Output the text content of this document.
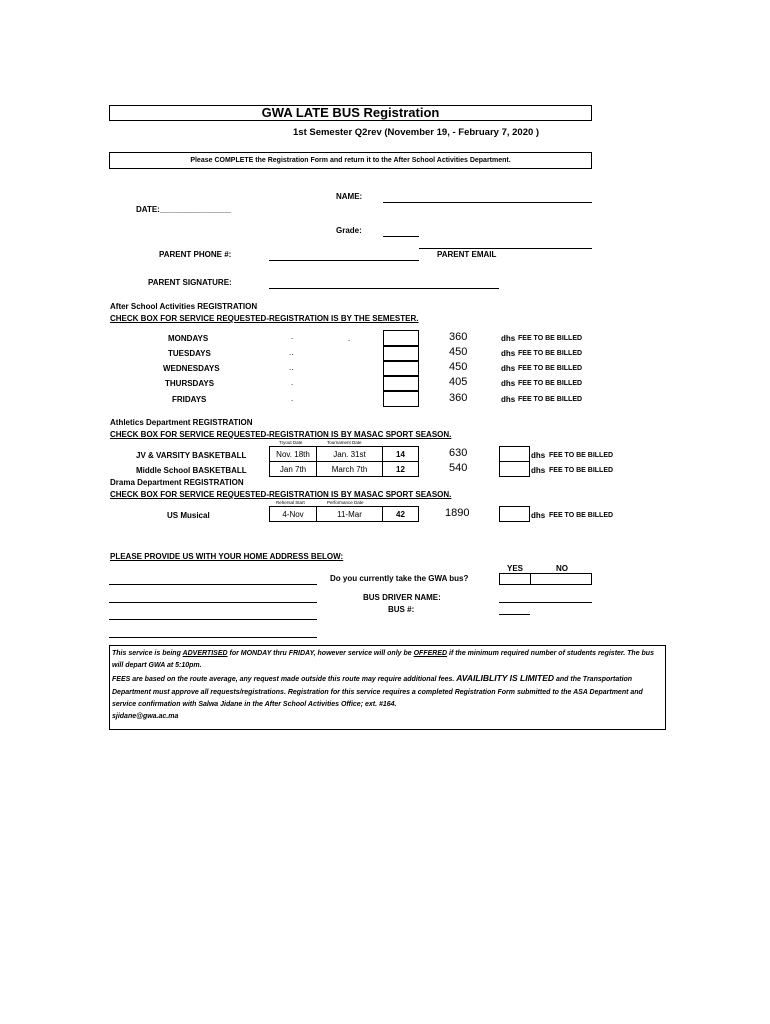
GWA LATE BUS Registration
1st Semester Q2rev (November 19, - February 7, 2020 )
Please COMPLETE the Registration Form and return it to the After School Activities Department.
NAME:
DATE:________________
Grade:
PARENT PHONE #:	PARENT EMAIL
PARENT SIGNATURE:
After School Activities REGISTRATION
CHECK BOX FOR SERVICE REQUESTED-REGISTRATION IS BY THE SEMESTER.
MONDAYS	.	.	360	dhs FEE TO BE BILLED
TUESDAYS	..	450	dhs FEE TO BE BILLED
WEDNESDAYS	..	450	dhs FEE TO BE BILLED
THURSDAYS	.	405	dhs FEE TO BE BILLED
FRIDAYS	.	360	dhs FEE TO BE BILLED
Athletics Department REGISTRATION
CHECK BOX FOR SERVICE REQUESTED-REGISTRATION IS BY MASAC SPORT SEASON.
Tryout Date	Tournament Date
JV & VARSITY BASKETBALL	Nov. 18th	Jan. 31st	14	630	dhs FEE TO BE BILLED
Middle School BASKETBALL	Jan 7th	March 7th	12	540	dhs FEE TO BE BILLED
Drama Department REGISTRATION
CHECK BOX FOR SERVICE REQUESTED-REGISTRATION IS BY MASAC SPORT SEASON.
Rehersal Start	Performance Date
US Musical	4-Nov	11-Mar	42	1890	dhs FEE TO BE BILLED
PLEASE PROVIDE US WITH YOUR HOME ADDRESS BELOW:
YES	NO
Do you currently take the GWA bus?
BUS DRIVER NAME:
BUS #:
This service is being ADVERTISED for MONDAY thru FRIDAY, however service will only be OFFERED if the minimum required number of students register. The bus will depart GWA at 5:10pm.
FEES are based on the route average, any request made outside this route may require additional fees. AVAILIBLITY IS LIMITED and the Transportation Department must approve all requests/registrations. Registration for this service requires a completed Registration Form submitted to the ASA Department and service confirmation with Salwa Jidane in the After School Activities Office; ext. #164.
sjidane@gwa.ac.ma
